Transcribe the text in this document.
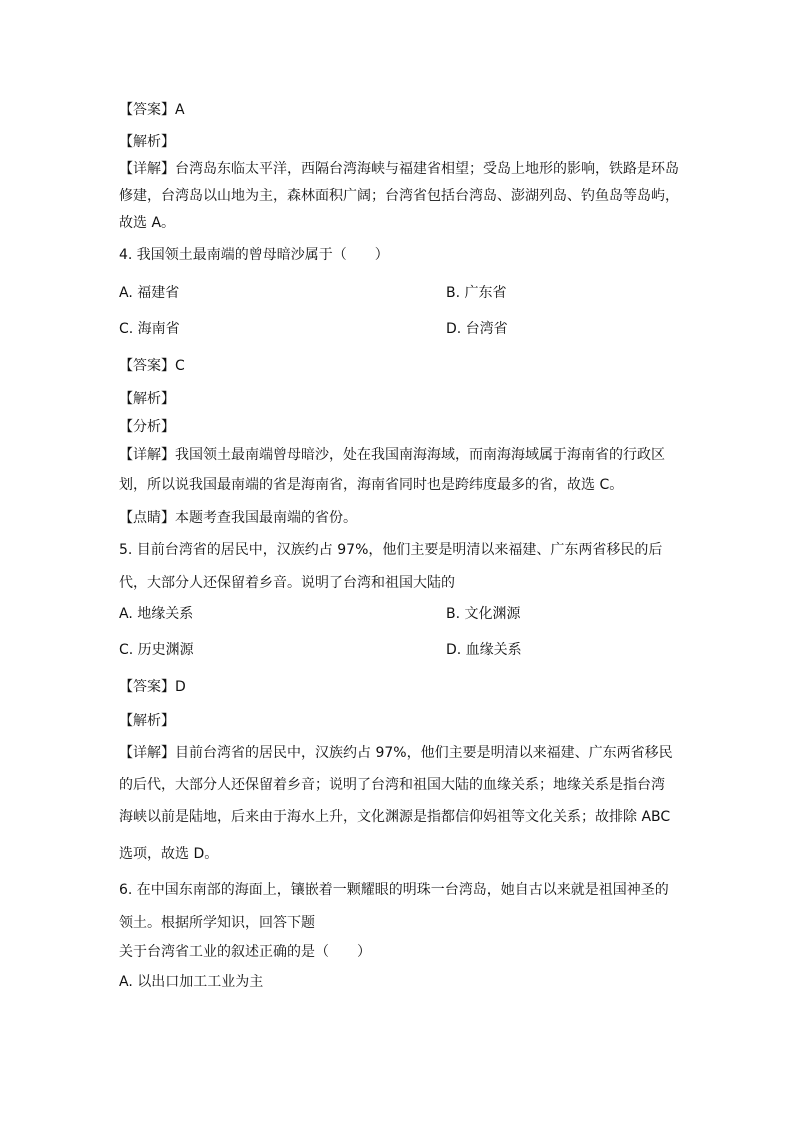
【答案】A
【解析】
【详解】台湾岛东临太平洋，西隔台湾海峡与福建省相望；受岛上地形的影响，铁路是环岛
修建，台湾岛以山地为主，森林面积广阔；台湾省包括台湾岛、澎湖列岛、钓鱼岛等岛屿，
故选 A。
4. 我国领土最南端的曾母暗沙属于（　　）
A. 福建省	B. 广东省
C. 海南省	D. 台湾省
【答案】C
【解析】
【分析】
【详解】我国领土最南端曾母暗沙，处在我国南海海域，而南海海域属于海南省的行政区
划，所以说我国最南端的省是海南省，海南省同时也是跨纬度最多的省，故选 C。
【点睛】本题考查我国最南端的省份。
5. 目前台湾省的居民中，汉族约占 97%，他们主要是明清以来福建、广东两省移民的后
代，大部分人还保留着乡音。说明了台湾和祖国大陆的
A. 地缘关系	B. 文化渊源
C. 历史渊源	D. 血缘关系
【答案】D
【解析】
【详解】目前台湾省的居民中，汉族约占 97%，他们主要是明清以来福建、广东两省移民
的后代，大部分人还保留着乡音；说明了台湾和祖国大陆的血缘关系；地缘关系是指台湾
海峡以前是陆地，后来由于海水上升，文化渊源是指都信仰妈祖等文化关系；故排除 ABC
选项，故选 D。
6. 在中国东南部的海面上，镶嵌着一颗耀眼的明珠一台湾岛，她自古以来就是祖国神圣的
领土。根据所学知识，回答下题
关于台湾省工业的叙述正确的是（　　）
A. 以出口加工工业为主
